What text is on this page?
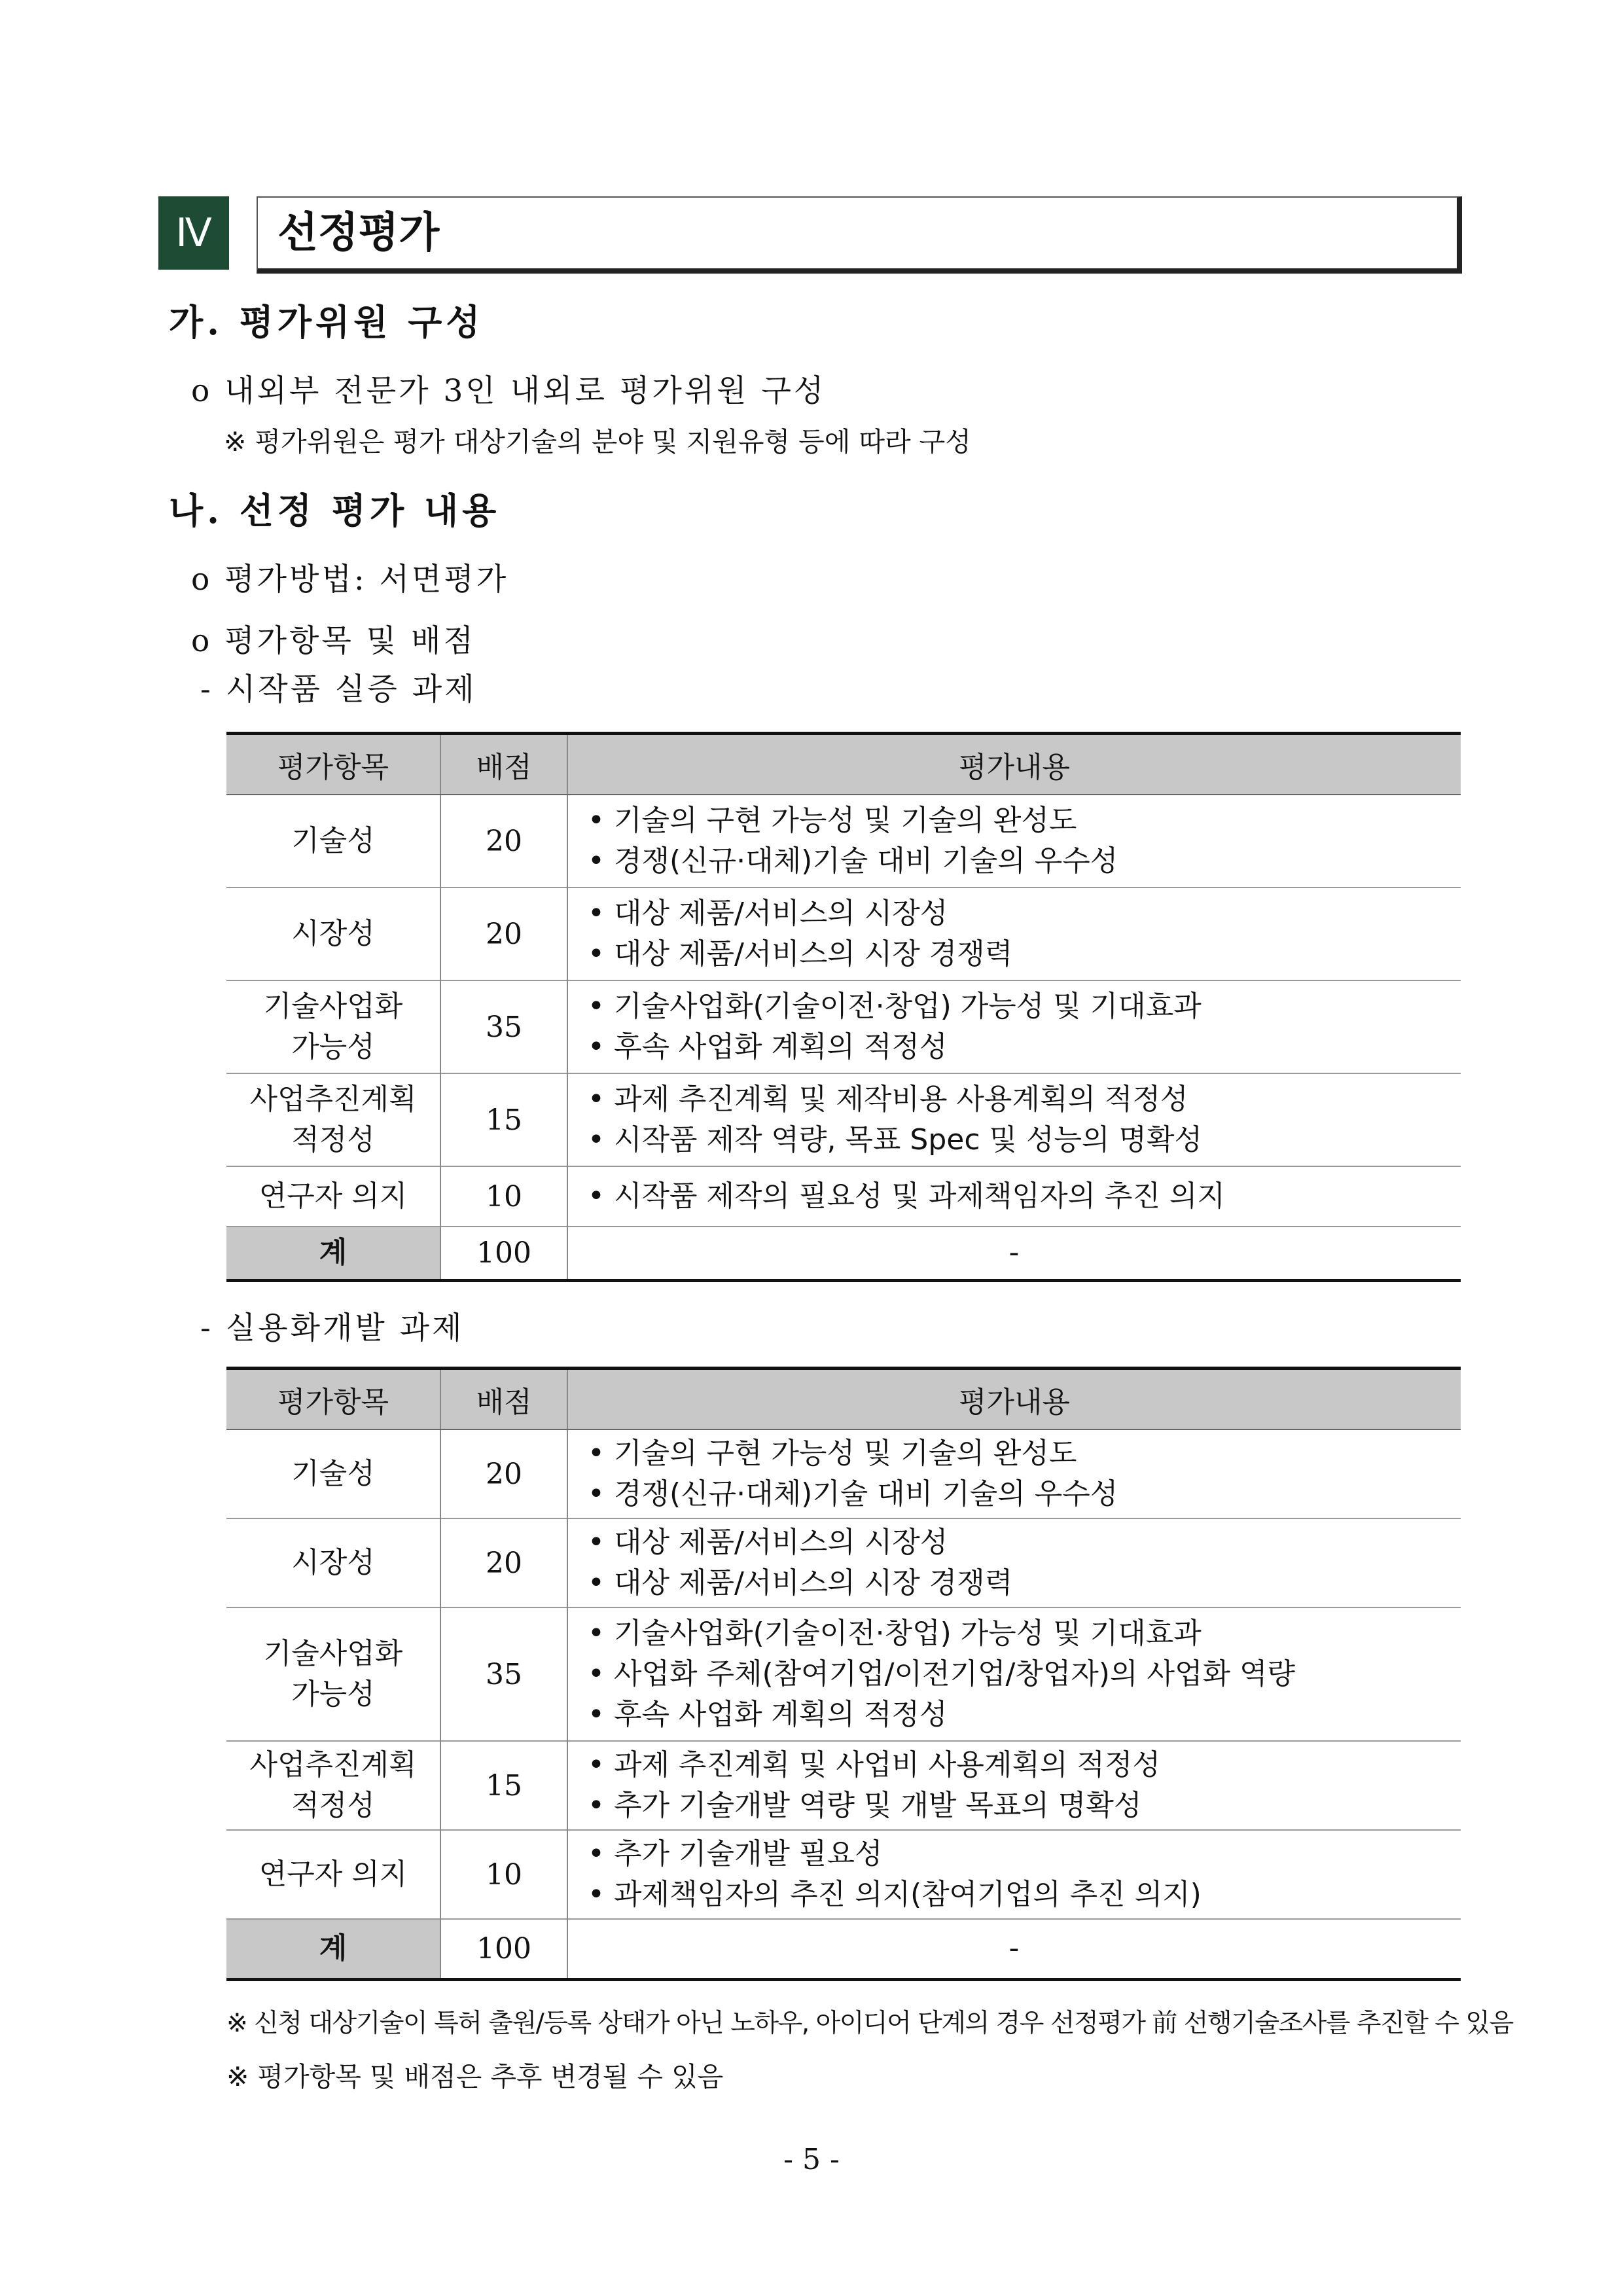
Ⅳ	선정평가
가. 평가위원 구성
o 내외부 전문가 3인 내외로 평가위원 구성
※ 평가위원은 평가 대상기술의 분야 및 지원유형 등에 따라 구성
나. 선정 평가 내용
o 평가방법: 서면평가
o 평가항목 및 배점
- 시작품 실증 과제
평가항목	배점	평가내용

기술성	20	• 기술의 구현 가능성 및 기술의 완성도
• 경쟁(신규·대체)기술 대비 기술의 우수성

시장성	20	• 대상 제품/서비스의 시장성
• 대상 제품/서비스의 시장 경쟁력

기술사업화
가능성	35	• 기술사업화(기술이전·창업) 가능성 및 기대효과
• 후속 사업화 계획의 적정성

사업추진계획
적정성	15	• 과제 추진계획 및 제작비용 사용계획의 적정성
• 시작품 제작 역량, 목표 Spec 및 성능의 명확성

연구자 의지	10	• 시작품 제작의 필요성 및 과제책임자의 추진 의지

계	100	-
- 실용화개발 과제
평가항목	배점	평가내용

기술성	20	• 기술의 구현 가능성 및 기술의 완성도
• 경쟁(신규·대체)기술 대비 기술의 우수성

시장성	20	• 대상 제품/서비스의 시장성
• 대상 제품/서비스의 시장 경쟁력

기술사업화
가능성	35	• 기술사업화(기술이전·창업) 가능성 및 기대효과
• 사업화 주체(참여기업/이전기업/창업자)의 사업화 역량
• 후속 사업화 계획의 적정성

사업추진계획
적정성	15	• 과제 추진계획 및 사업비 사용계획의 적정성
• 추가 기술개발 역량 및 개발 목표의 명확성

연구자 의지	10	• 추가 기술개발 필요성
• 과제책임자의 추진 의지(참여기업의 추진 의지)

계	100	-
※ 신청 대상기술이 특허 출원/등록 상태가 아닌 노하우, 아이디어 단계의 경우 선정평가 前 선행기술조사를 추진할 수 있음
※ 평가항목 및 배점은 추후 변경될 수 있음
- 5 -
